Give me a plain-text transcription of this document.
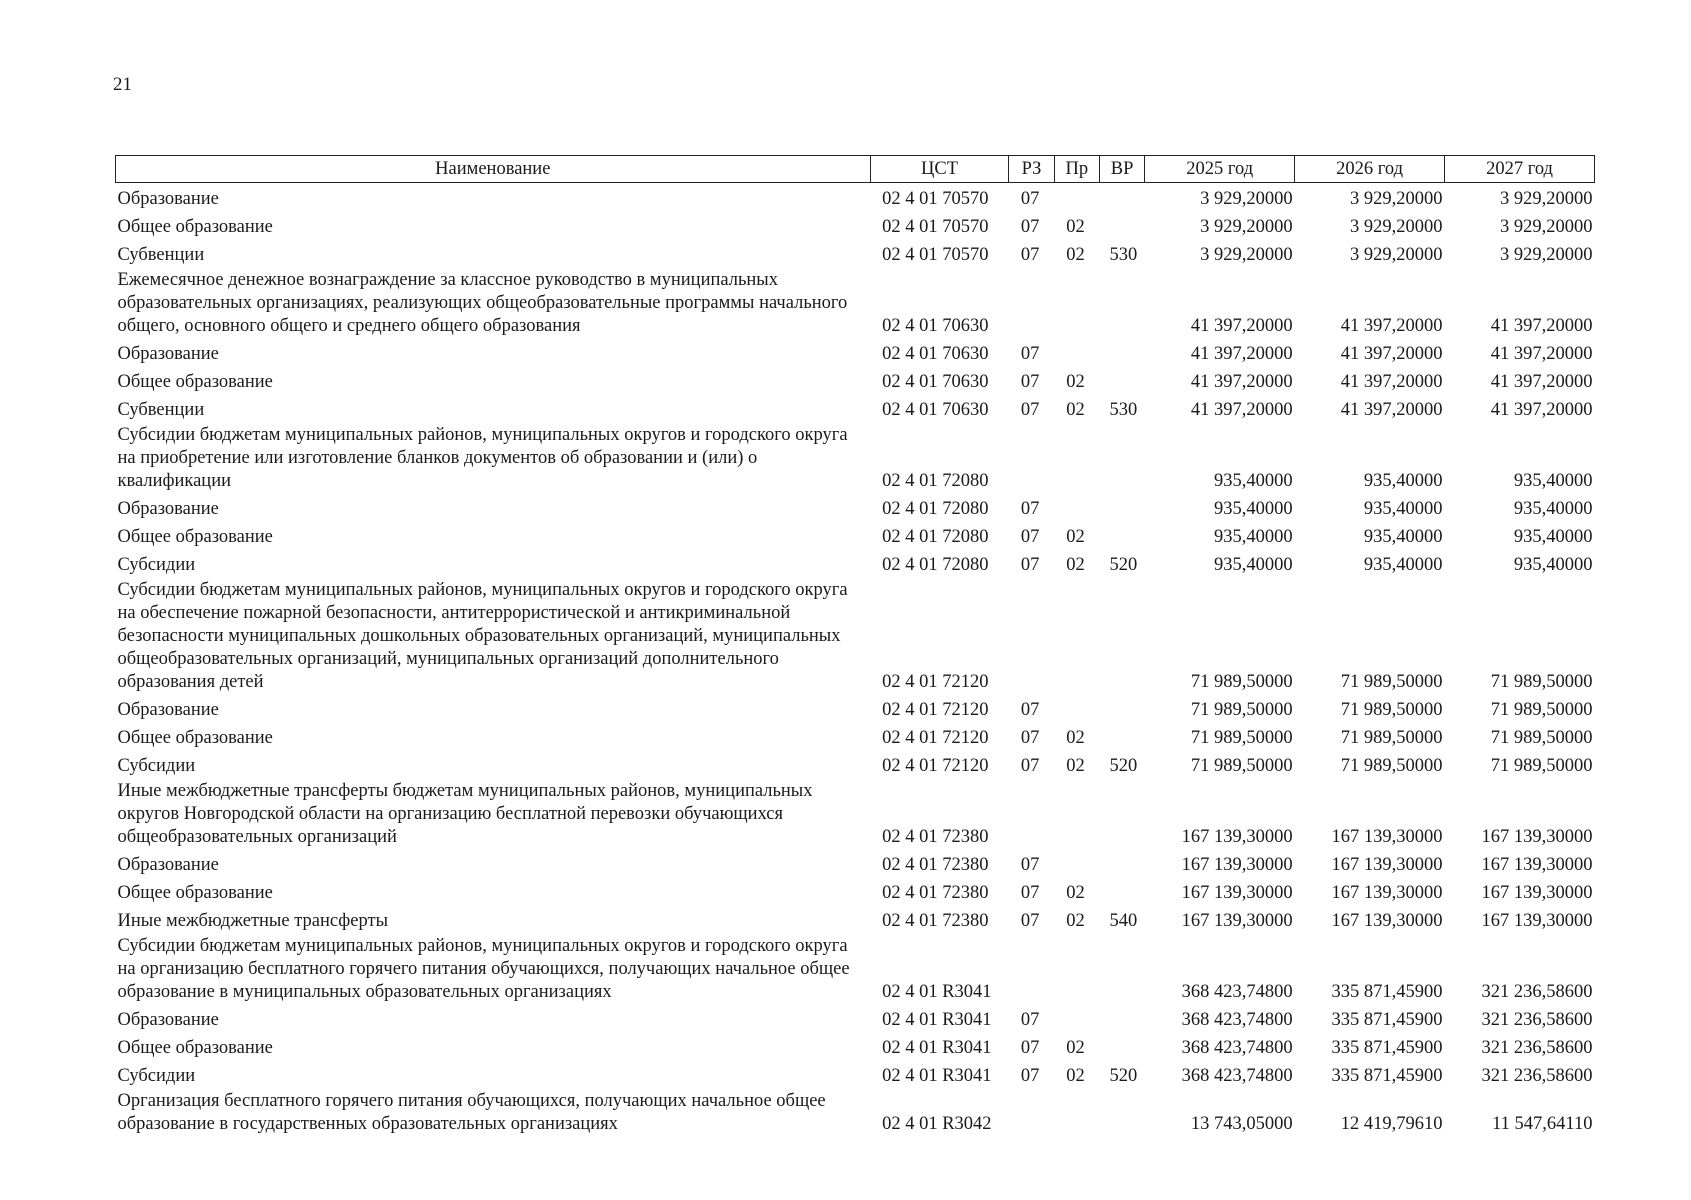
21
Наименование	ЦСТ	РЗ	Пр	ВР	2025 год	2026 год	2027 год
Образование	02 4 01 70570	07			3 929,20000	3 929,20000	3 929,20000
Общее образование	02 4 01 70570	07	02		3 929,20000	3 929,20000	3 929,20000
Субвенции	02 4 01 70570	07	02	530	3 929,20000	3 929,20000	3 929,20000
Ежемесячное денежное вознаграждение за классное руководство в муниципальных образовательных организациях, реализующих общеобразовательные программы начального общего, основного общего и среднего общего образования	02 4 01 70630				41 397,20000	41 397,20000	41 397,20000
Образование	02 4 01 70630	07			41 397,20000	41 397,20000	41 397,20000
Общее образование	02 4 01 70630	07	02		41 397,20000	41 397,20000	41 397,20000
Субвенции	02 4 01 70630	07	02	530	41 397,20000	41 397,20000	41 397,20000
Субсидии бюджетам муниципальных районов, муниципальных округов и городского округа на приобретение или изготовление бланков документов об образовании и (или) о квалификации	02 4 01 72080				935,40000	935,40000	935,40000
Образование	02 4 01 72080	07			935,40000	935,40000	935,40000
Общее образование	02 4 01 72080	07	02		935,40000	935,40000	935,40000
Субсидии	02 4 01 72080	07	02	520	935,40000	935,40000	935,40000
Субсидии бюджетам муниципальных районов, муниципальных округов и городского округа на обеспечение пожарной безопасности, антитеррористической и антикриминальной безопасности муниципальных дошкольных образовательных организаций, муниципальных общеобразовательных организаций, муниципальных организаций дополнительного образования детей	02 4 01 72120				71 989,50000	71 989,50000	71 989,50000
Образование	02 4 01 72120	07			71 989,50000	71 989,50000	71 989,50000
Общее образование	02 4 01 72120	07	02		71 989,50000	71 989,50000	71 989,50000
Субсидии	02 4 01 72120	07	02	520	71 989,50000	71 989,50000	71 989,50000
Иные межбюджетные трансферты бюджетам муниципальных районов, муниципальных округов Новгородской области на организацию бесплатной перевозки обучающихся общеобразовательных организаций	02 4 01 72380				167 139,30000	167 139,30000	167 139,30000
Образование	02 4 01 72380	07			167 139,30000	167 139,30000	167 139,30000
Общее образование	02 4 01 72380	07	02		167 139,30000	167 139,30000	167 139,30000
Иные межбюджетные трансферты	02 4 01 72380	07	02	540	167 139,30000	167 139,30000	167 139,30000
Субсидии бюджетам муниципальных районов, муниципальных округов и городского округа на организацию бесплатного горячего питания обучающихся, получающих начальное общее образование в муниципальных образовательных организациях	02 4 01 R3041				368 423,74800	335 871,45900	321 236,58600
Образование	02 4 01 R3041	07			368 423,74800	335 871,45900	321 236,58600
Общее образование	02 4 01 R3041	07	02		368 423,74800	335 871,45900	321 236,58600
Субсидии	02 4 01 R3041	07	02	520	368 423,74800	335 871,45900	321 236,58600
Организация бесплатного горячего питания обучающихся, получающих начальное общее образование в государственных образовательных организациях	02 4 01 R3042				13 743,05000	12 419,79610	11 547,64110
